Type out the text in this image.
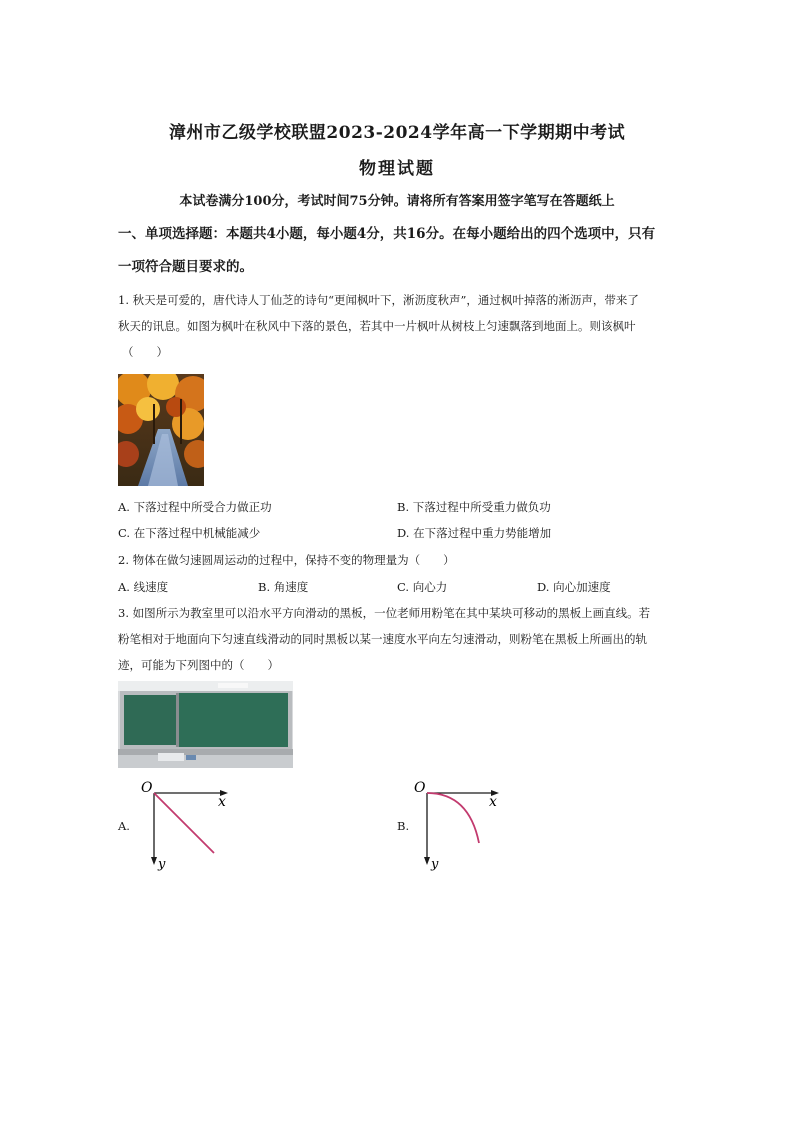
漳州市乙级学校联盟2023-2024学年高一下学期期中考试
物理试题
本试卷满分100分，考试时间75分钟。请将所有答案用签字笔写在答题纸上
一、单项选择题：本题共4小题，每小题4分，共16分。在每小题给出的四个选项中，只有
一项符合题目要求的。
1. 秋天是可爱的，唐代诗人丁仙芝的诗句“更闻枫叶下，淅沥度秋声”，通过枫叶掉落的淅沥声，带来了
秋天的讯息。如图为枫叶在秋风中下落的景色，若其中一片枫叶从树枝上匀速飘落到地面上。则该枫叶
（　　）
A. 下落过程中所受合力做正功	B. 下落过程中所受重力做负功
C. 在下落过程中机械能减少	D. 在下落过程中重力势能增加
2. 物体在做匀速圆周运动的过程中，保持不变的物理量为（　　）
A. 线速度	B. 角速度	C. 向心力	D. 向心加速度
3. 如图所示为教室里可以沿水平方向滑动的黑板，一位老师用粉笔在其中某块可移动的黑板上画直线。若
粉笔相对于地面向下匀速直线滑动的同时黑板以某一速度水平向左匀速滑动，则粉笔在黑板上所画出的轨
迹，可能为下列图中的（　　）
A.
O
x
y
B.
O
x
y
